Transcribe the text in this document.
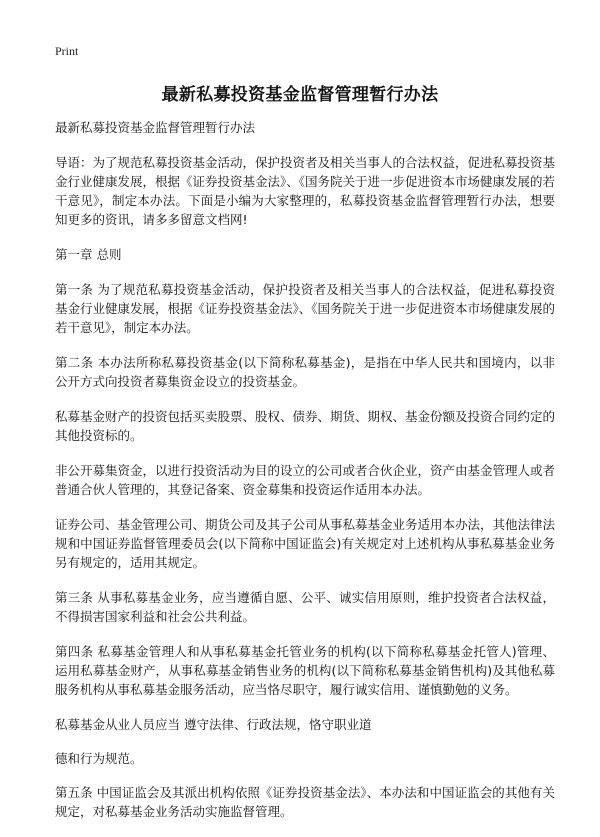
Print
最新私募投资基金监督管理暂行办法

最新私募投资基金监督管理暂行办法

导语：为了规范私募投资基金活动，保护投资者及相关当事人的合法权益，促进私募投资基金行业健康发展，根据《证券投资基金法》、《国务院关于进一步促进资本市场健康发展的若干意见》，制定本办法。下面是小编为大家整理的，私募投资基金监督管理暂行办法，想要知更多的资讯，请多多留意文档网!

第一章 总则

第一条 为了规范私募投资基金活动，保护投资者及相关当事人的合法权益，促进私募投资基金行业健康发展，根据《证券投资基金法》、《国务院关于进一步促进资本市场健康发展的若干意见》，制定本办法。

第二条 本办法所称私募投资基金(以下简称私募基金)，是指在中华人民共和国境内，以非公开方式向投资者募集资金设立的投资基金。

私募基金财产的投资包括买卖股票、股权、债券、期货、期权、基金份额及投资合同约定的其他投资标的。

非公开募集资金，以进行投资活动为目的设立的公司或者合伙企业，资产由基金管理人或者普通合伙人管理的，其登记备案、资金募集和投资运作适用本办法。

证券公司、基金管理公司、期货公司及其子公司从事私募基金业务适用本办法，其他法律法规和中国证券监督管理委员会(以下简称中国证监会)有关规定对上述机构从事私募基金业务另有规定的，适用其规定。

第三条 从事私募基金业务，应当遵循自愿、公平、诚实信用原则，维护投资者合法权益，不得损害国家利益和社会公共利益。

第四条 私募基金管理人和从事私募基金托管业务的机构(以下简称私募基金托管人)管理、运用私募基金财产，从事私募基金销售业务的机构(以下简称私募基金销售机构)及其他私募服务机构从事私募基金服务活动，应当恪尽职守，履行诚实信用、谨慎勤勉的义务。

私募基金从业人员应当 遵守法律、行政法规，恪守职业道

德和行为规范。

第五条 中国证监会及其派出机构依照《证券投资基金法》、本办法和中国证监会的其他有关规定，对私募基金业务活动实施监督管理。
